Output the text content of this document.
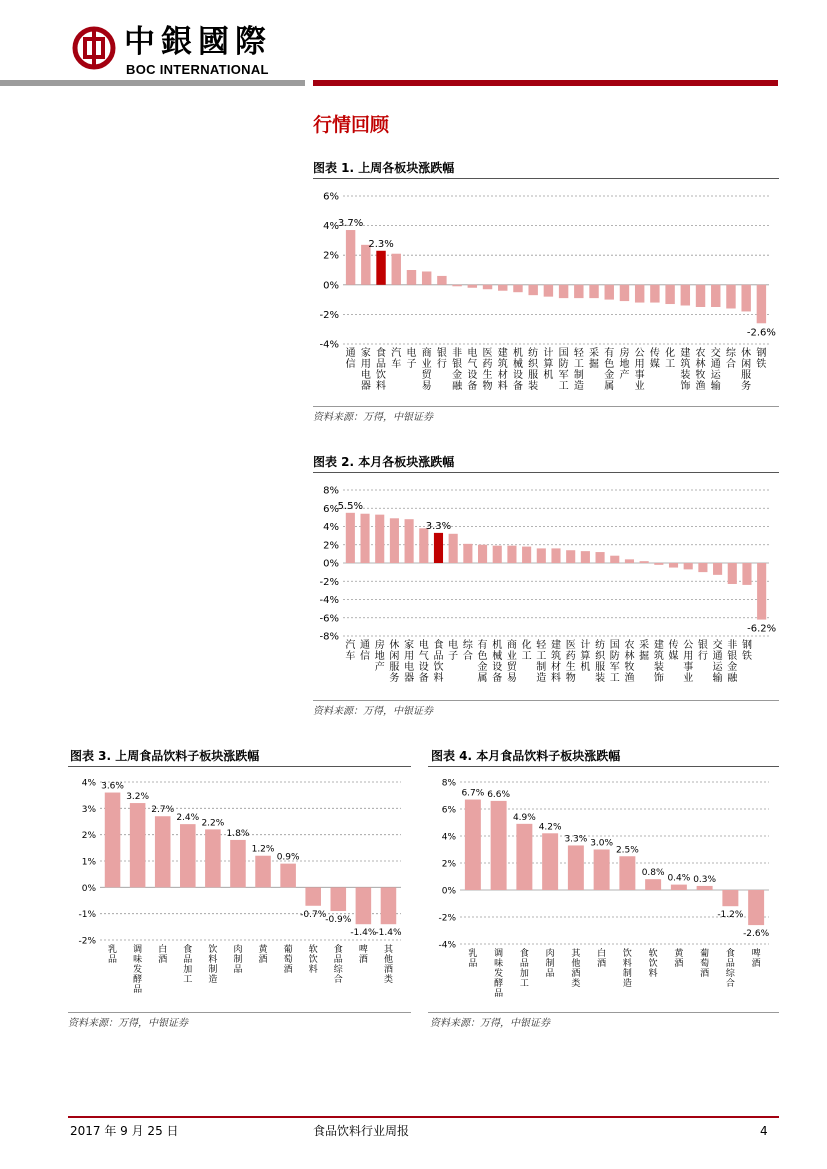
中銀國際
BOC INTERNATIONAL
行情回顾
图表 1. 上周各板块涨跌幅
-4%
-2%
0%
2%
4%
6%
3.7%
2.3%
-2.6%
通信
家用电器
食品饮料
汽车
电子
商业贸易
银行
非银金融
电气设备
医药生物
建筑材料
机械设备
纺织服装
计算机
国防军工
轻工制造
采掘
有色金属
房地产
公用事业
传媒
化工
建筑装饰
农林牧渔
交通运输
综合
休闲服务
钢铁
资料来源：万得，中银证券
图表 2. 本月各板块涨跌幅
-8%
-6%
-4%
-2%
0%
2%
4%
6%
8%
5.5%
3.3%
-6.2%
汽车
通信
房地产
休闲服务
家用电器
电气设备
食品饮料
电子
综合
有色金属
机械设备
商业贸易
化工
轻工制造
建筑材料
医药生物
计算机
纺织服装
国防军工
农林牧渔
采掘
建筑装饰
传媒
公用事业
银行
交通运输
非银金融
钢铁
资料来源：万得，中银证券
图表 3. 上周食品饮料子板块涨跌幅
-2%
-1%
0%
1%
2%
3%
4% 3.6%
3.2%
2.7%
2.4%
2.2%
1.8%
1.2%
0.9%
-0.7%
-0.9%
-1.4%
-1.4%
乳品
调味发酵品
白酒
食品加工
饮料制造
肉制品
黄酒
葡萄酒
软饮料
食品综合
啤酒
其他酒类
资料来源：万得，中银证券
图表 4. 本月食品饮料子板块涨跌幅
-4%
-2%
0%
2%
4%
6%
8%
6.7% 6.6%
4.9%
4.2%
3.3% 3.0%
2.5%
0.8%
0.4% 0.3%
-1.2%
-2.6%
乳品
调味发酵品
食品加工
肉制品
其他酒类
白酒
饮料制造
软饮料
黄酒
葡萄酒
食品综合
啤酒
资料来源：万得，中银证券
2017 年 9 月 25 日	食品饮料行业周报	4
